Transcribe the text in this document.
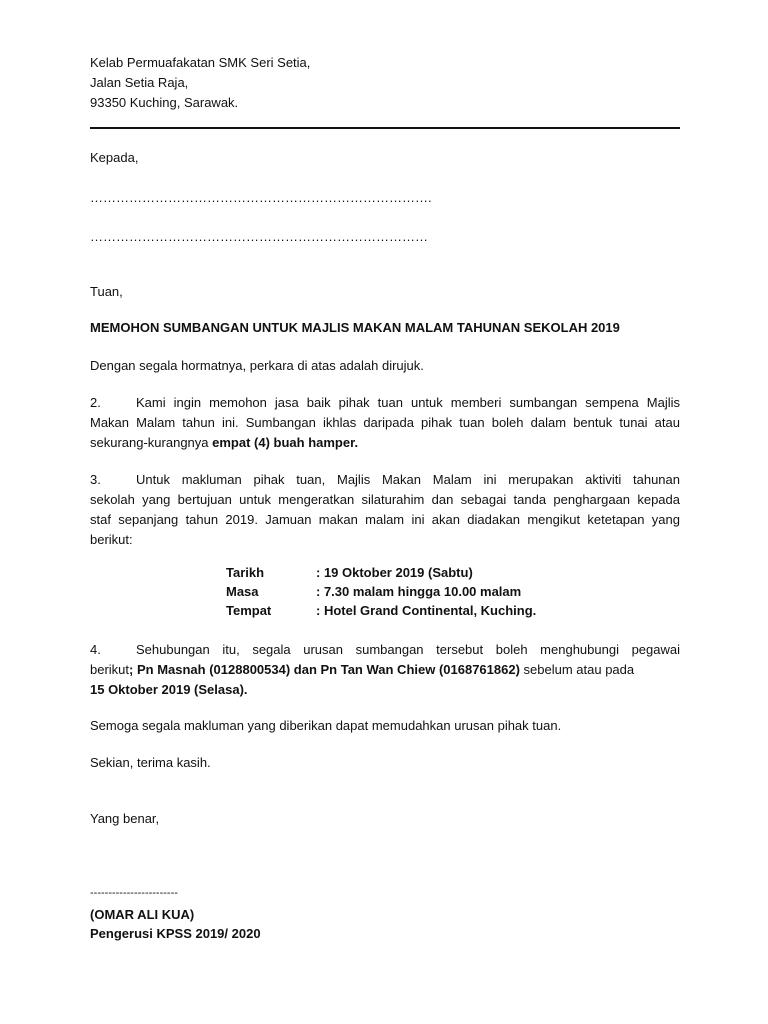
Kelab Permuafakatan SMK Seri Setia,
Jalan Setia Raja,
93350 Kuching, Sarawak.
Kepada,
…………………………………………………………………….
……………………………………………………………………
Tuan,
MEMOHON SUMBANGAN UNTUK MAJLIS MAKAN MALAM TAHUNAN SEKOLAH 2019
Dengan segala hormatnya, perkara di atas adalah dirujuk.
2.	Kami ingin memohon jasa baik pihak tuan untuk memberi sumbangan sempena Majlis
Makan Malam tahun ini. Sumbangan ikhlas daripada pihak tuan boleh dalam bentuk tunai atau
sekurang-kurangnya empat (4) buah hamper.
3.	Untuk makluman pihak tuan, Majlis Makan Malam ini merupakan aktiviti tahunan
sekolah yang bertujuan untuk mengeratkan silaturahim dan sebagai tanda penghargaan kepada
staf sepanjang tahun 2019. Jamuan makan malam ini akan diadakan mengikut ketetapan yang
berikut:
Tarikh	: 19 Oktober 2019 (Sabtu)
Masa	: 7.30 malam hingga 10.00 malam
Tempat	: Hotel Grand Continental, Kuching.
4.	Sehubungan itu, segala urusan sumbangan tersebut boleh menghubungi pegawai
berikut; Pn Masnah (0128800534) dan Pn Tan Wan Chiew (0168761862) sebelum atau pada
15 Oktober 2019 (Selasa).
Semoga segala makluman yang diberikan dapat memudahkan urusan pihak tuan.
Sekian, terima kasih.
Yang benar,
------------------------
(OMAR ALI KUA)
Pengerusi KPSS 2019/ 2020
